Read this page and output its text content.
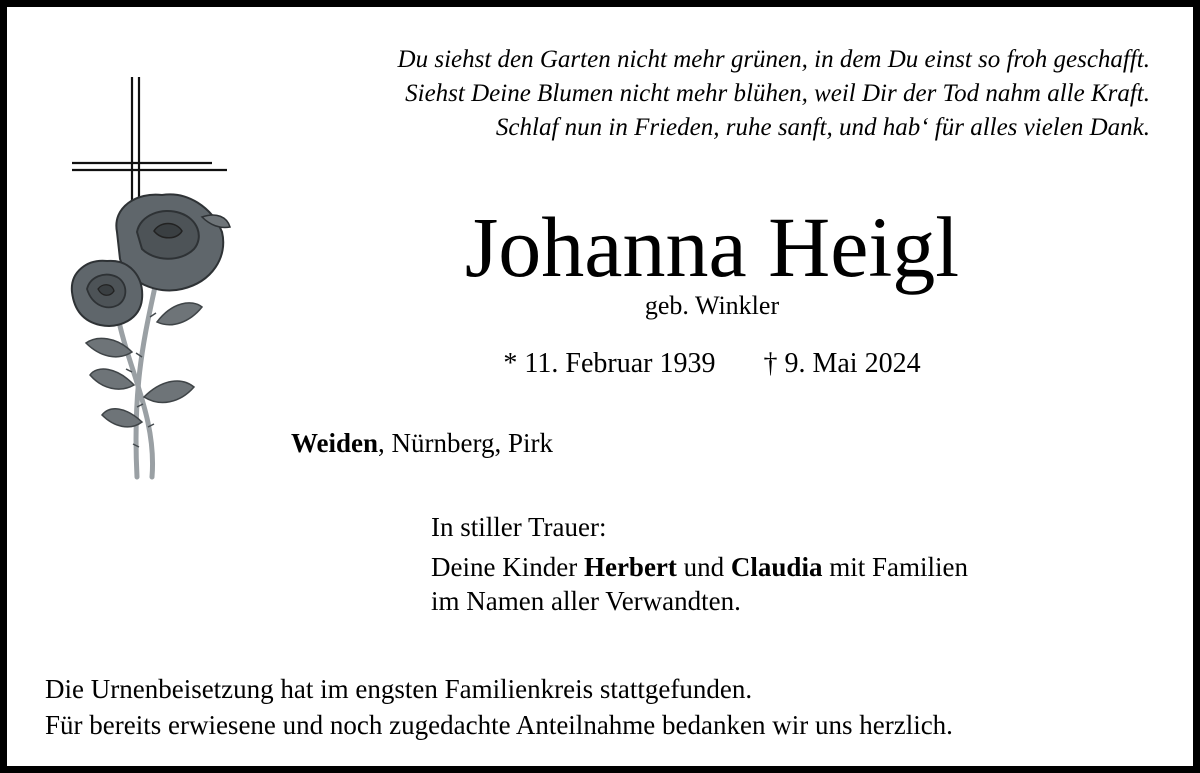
Du siehst den Garten nicht mehr grünen, in dem Du einst so froh geschafft.
Siehst Deine Blumen nicht mehr blühen, weil Dir der Tod nahm alle Kraft.
Schlaf nun in Frieden, ruhe sanft, und hab‘ für alles vielen Dank.
Johanna Heigl
geb. Winkler
* 11. Februar 1939 † 9. Mai 2024
Weiden, Nürnberg, Pirk
In stiller Trauer:
Deine Kinder Herbert und Claudia mit Familien
im Namen aller Verwandten.
Die Urnenbeisetzung hat im engsten Familienkreis stattgefunden.
Für bereits erwiesene und noch zugedachte Anteilnahme bedanken wir uns herzlich.
